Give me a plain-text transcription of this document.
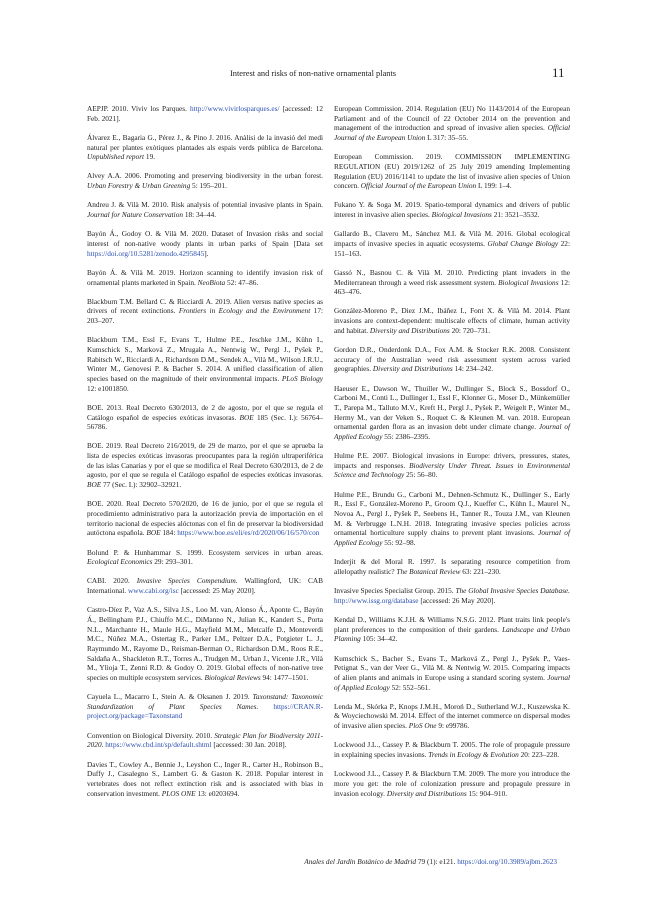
Interest and risks of non-native ornamental plants	11

AEPJP. 2010. Viviv los Parques. http://www.vivirlosparques.es/ [accessed: 12 Feb. 2021].

Álvarez E., Bagaria G., Pérez J., & Pino J. 2016. Anàlisi de la invasió del medi natural per plantes exòtiques plantades als espais verds pública de Barcelona. Unpublished report 19.

Alvey A.A. 2006. Promoting and preserving biodiversity in the urban forest. Urban Forestry & Urban Greening 5: 195–201.

Andreu J. & Vilà M. 2010. Risk analysis of potential invasive plants in Spain. Journal for Nature Conservation 18: 34–44.

Bayón Á., Godoy O. & Vilà M. 2020. Dataset of Invasion risks and social interest of non-native woody plants in urban parks of Spain [Data set https://doi.org/10.5281/zenodo.4295845].

Bayón Á. & Vilà M. 2019. Horizon scanning to identify invasion risk of ornamental plants marketed in Spain. NeoBiota 52: 47–86.

Blackburn T.M. Bellard C. & Ricciardi A. 2019. Alien versus native species as drivers of recent extinctions. Frontiers in Ecology and the Environment 17: 203–207.

Blackburn T.M., Essl F., Evans T., Hulme P.E., Jeschke J.M., Kühn I., Kumschick S., Marková Z., Mrugała A., Nentwig W., Pergl J., Pyšek P., Rabitsch W., Ricciardi A., Richardson D.M., Sendek A., Vilà M., Wilson J.R.U., Winter M., Genovesi P. & Bacher S. 2014. A unified classification of alien species based on the magnitude of their environmental impacts. PLoS Biology 12: e1001850.

BOE. 2013. Real Decreto 630/2013, de 2 de agosto, por el que se regula el Catálogo español de especies exóticas invasoras. BOE 185 (Sec. I.): 56764–56786.

BOE. 2019. Real Decreto 216/2019, de 29 de marzo, por el que se aprueba la lista de especies exóticas invasoras preocupantes para la región ultraperiférica de las islas Canarias y por el que se modifica el Real Decreto 630/2013, de 2 de agosto, por el que se regula el Catálogo español de especies exóticas invasoras. BOE 77 (Sec. I.): 32902–32921.

BOE. 2020. Real Decreto 570/2020, de 16 de junio, por el que se regula el procedimiento administrativo para la autorización previa de importación en el territorio nacional de especies alóctonas con el fin de preservar la biodiversidad autóctona española. BOE 184: https://www.boe.es/eli/es/rd/2020/06/16/570/con

Bolund P. & Hunhammar S. 1999. Ecosystem services in urban areas. Ecological Economics 29: 293–301.

CABI. 2020. Invasive Species Compendium. Wallingford, UK: CAB International. www.cabi.org/isc [accessed: 25 May 2020].

Castro-Díez P., Vaz A.S., Silva J.S., Loo M. van, Alonso Á., Aponte C., Bayón Á., Bellingham P.J., Chiuffo M.C., DiManno N., Julian K., Kandert S., Porta N.L., Marchante H., Maule H.G., Mayfield M.M., Metcalfe D., Monteverdi M.C., Núñez M.A., Ostertag R., Parker I.M., Peltzer D.A., Potgieter L. J., Raymundo M., Rayome D., Reisman-Berman O., Richardson D.M., Roos R.E., Saldaña A., Shackleton R.T., Torres A., Trudgen M., Urban J., Vicente J.R., Vilà M., Ylioja T., Zenni R.D. & Godoy O. 2019. Global effects of non-native tree species on multiple ecosystem services. Biological Reviews 94: 1477–1501.

Cayuela L., Macarro I., Stein A. & Oksanen J. 2019. Taxonstand: Taxonomic Standardization of Plant Species Names. https://CRAN.R-project.org/package=Taxonstand

Convention on Biological Diversity. 2010. Strategic Plan for Biodiversity 2011-2020. https://www.cbd.int/sp/default.shtml [accessed: 30 Jan. 2018].

Davies T., Cowley A., Bennie J., Leyshon C., Inger R., Carter H., Robinson B., Duffy J., Casalegno S., Lambert G. & Gaston K. 2018. Popular interest in vertebrates does not reflect extinction risk and is associated with bias in conservation investment. PLOS ONE 13: e0203694.

European Commission. 2014. Regulation (EU) No 1143/2014 of the European Parliament and of the Council of 22 October 2014 on the prevention and management of the introduction and spread of invasive alien species. Official Journal of the European Union L 317: 35–55.

European Commission. 2019. COMMISSION IMPLEMENTING REGULATION (EU) 2019/1262 of 25 July 2019 amending Implementing Regulation (EU) 2016/1141 to update the list of invasive alien species of Union concern. Official Journal of the European Union L 199: 1–4.

Fukano Y. & Soga M. 2019. Spatio-temporal dynamics and drivers of public interest in invasive alien species. Biological Invasions 21: 3521–3532.

Gallardo B., Clavero M., Sánchez M.I. & Vilà M. 2016. Global ecological impacts of invasive species in aquatic ecosystems. Global Change Biology 22: 151–163.

Gassó N., Basnou C. & Vilà M. 2010. Predicting plant invaders in the Mediterranean through a weed risk assessment system. Biological Invasions 12: 463–476.

González-Moreno P., Diez J.M., Ibáñez I., Font X. & Vilà M. 2014. Plant invasions are context-dependent: multiscale effects of climate, human activity and habitat. Diversity and Distributions 20: 720–731.

Gordon D.R., Onderdonk D.A., Fox A.M. & Stocker R.K. 2008. Consistent accuracy of the Australian weed risk assessment system across varied geographies. Diversity and Distributions 14: 234–242.

Haeuser E., Dawson W., Thuiller W., Dullinger S., Block S., Bossdorf O., Carboni M., Conti L., Dullinger I., Essl F., Klonner G., Moser D., Münkemüller T., Parepa M., Talluto M.V., Kreft H., Pergl J., Pyšek P., Weigelt P., Winter M., Hermy M., van der Veken S., Roquet C. & Kleunen M. van. 2018. European ornamental garden flora as an invasion debt under climate change. Journal of Applied Ecology 55: 2386–2395.

Hulme P.E. 2007. Biological invasions in Europe: drivers, pressures, states, impacts and responses. Biodiversity Under Threat. Issues in Environmental Science and Technology 25: 56–80.

Hulme P.E., Brundu G., Carboni M., Dehnen-Schmutz K., Dullinger S., Early R., Essl F., González-Moreno P., Groom Q.J., Kueffer C., Kühn I., Maurel N., Novoa A., Pergl J., Pyšek P., Seebens H., Tanner R., Touza J.M., van Kleunen M. & Verbrugge L.N.H. 2018. Integrating invasive species policies across ornamental horticulture supply chains to prevent plant invasions. Journal of Applied Ecology 55: 92–98.

Inderjit & del Moral R. 1997. Is separating resource competition from allelopathy realistic? The Botanical Review 63: 221–230.

Invasive Species Specialist Group. 2015. The Global Invasive Species Database. http://www.issg.org/database [accessed: 26 May 2020].

Kendal D., Williams K.J.H. & Williams N.S.G. 2012. Plant traits link people's plant preferences to the composition of their gardens. Landscape and Urban Planning 105: 34–42.

Kumschick S., Bacher S., Evans T., Marková Z., Pergl J., Pyšek P., Vaes-Petignat S., van der Veer G., Vilà M. & Nentwig W. 2015. Comparing impacts of alien plants and animals in Europe using a standard scoring system. Journal of Applied Ecology 52: 552–561.

Lenda M., Skórka P., Knops J.M.H., Moroń D., Sutherland W.J., Kuszewska K. & Woyciechowski M. 2014. Effect of the internet commerce on dispersal modes of invasive alien species. PloS One 9: e99786.

Lockwood J.L., Cassey P. & Blackburn T. 2005. The role of propagule pressure in explaining species invasions. Trends in Ecology & Evolution 20: 223–228.

Lockwood J.L., Cassey P. & Blackburn T.M. 2009. The more you introduce the more you get: the role of colonization pressure and propagule pressure in invasion ecology. Diversity and Distributions 15: 904–910.

Anales del Jardín Botánico de Madrid 79 (1): e121. https://doi.org/10.3989/ajbm.2623
